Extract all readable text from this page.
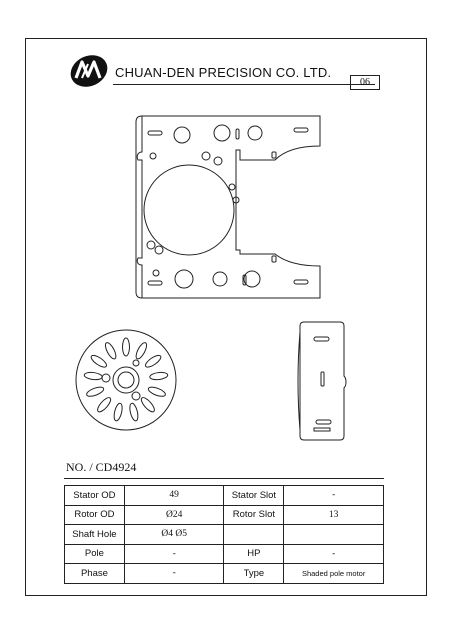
CHUAN-DEN PRECISION CO. LTD.
06
NO. / CD4924
Stator OD	49	Stator Slot	-
Rotor OD	Ø24	Rotor Slot	13
Shaft Hole	Ø4 Ø5		
Pole	-	HP	-
Phase	-	Type	Shaded pole motor
